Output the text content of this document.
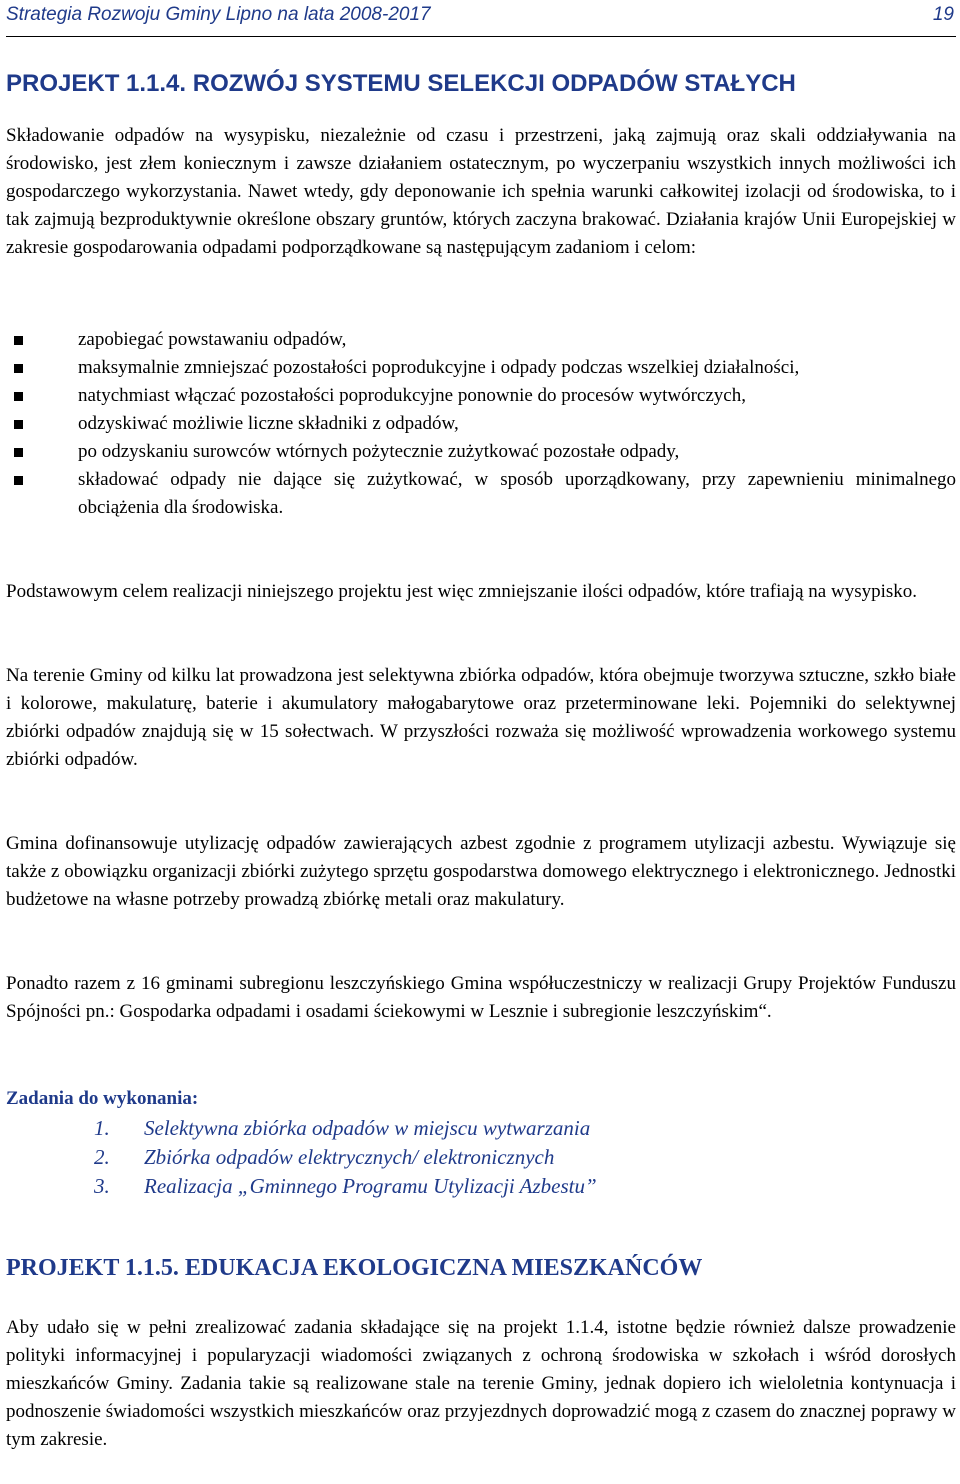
Strategia Rozwoju Gminy Lipno na lata 2008-2017	19
PROJEKT 1.1.4. ROZWÓJ SYSTEMU SELEKCJI ODPADÓW STAŁYCH

Składowanie odpadów na wysypisku, niezależnie od czasu i przestrzeni, jaką zajmują oraz skali oddziaływania na środowisko, jest złem koniecznym i zawsze działaniem ostatecznym, po wyczerpaniu wszystkich innych możliwości ich gospodarczego wykorzystania. Nawet wtedy, gdy deponowanie ich spełnia warunki całkowitej izolacji od środowiska, to i tak zajmują bezproduktywnie określone obszary gruntów, których zaczyna brakować. Działania krajów Unii Europejskiej w zakresie gospodarowania odpadami podporządkowane są następującym zadaniom i celom:

zapobiegać powstawaniu odpadów,
maksymalnie zmniejszać pozostałości poprodukcyjne i odpady podczas wszelkiej działalności,
natychmiast włączać pozostałości poprodukcyjne ponownie do procesów wytwórczych,
odzyskiwać możliwie liczne składniki z odpadów,
po odzyskaniu surowców wtórnych pożytecznie zużytkować pozostałe odpady,
składować odpady nie dające się zużytkować, w sposób uporządkowany, przy zapewnieniu minimalnego obciążenia dla środowiska.

Podstawowym celem realizacji niniejszego projektu jest więc zmniejszanie ilości odpadów, które trafiają na wysypisko.

Na terenie Gminy od kilku lat prowadzona jest selektywna zbiórka odpadów, która obejmuje tworzywa sztuczne, szkło białe i kolorowe, makulaturę, baterie i akumulatory małogabarytowe oraz przeterminowane leki. Pojemniki do selektywnej zbiórki odpadów znajdują się w 15 sołectwach. W przyszłości rozważa się możliwość wprowadzenia workowego systemu zbiórki odpadów.

Gmina dofinansowuje utylizację odpadów zawierających azbest zgodnie z programem utylizacji azbestu. Wywiązuje się także z obowiązku organizacji zbiórki zużytego sprzętu gospodarstwa domowego elektrycznego i elektronicznego. Jednostki budżetowe na własne potrzeby prowadzą zbiórkę metali oraz makulatury.

Ponadto razem z 16 gminami subregionu leszczyńskiego Gmina współuczestniczy w realizacji Grupy Projektów Funduszu Spójności pn.: Gospodarka odpadami i osadami ściekowymi w Lesznie i subregionie leszczyńskim“.

Zadania do wykonania:
1. Selektywna zbiórka odpadów w miejscu wytwarzania
2. Zbiórka odpadów elektrycznych/ elektronicznych
3. Realizacja „Gminnego Programu Utylizacji Azbestu”
PROJEKT 1.1.5. EDUKACJA EKOLOGICZNA MIESZKAŃCÓW

Aby udało się w pełni zrealizować zadania składające się na projekt 1.1.4, istotne będzie również dalsze prowadzenie polityki informacyjnej i popularyzacji wiadomości związanych z ochroną środowiska w szkołach i wśród dorosłych mieszkańców Gminy. Zadania takie są realizowane stale na terenie Gminy, jednak dopiero ich wieloletnia kontynuacja i podnoszenie świadomości wszystkich mieszkańców oraz przyjezdnych doprowadzić mogą z czasem do znacznej poprawy w tym zakresie.
